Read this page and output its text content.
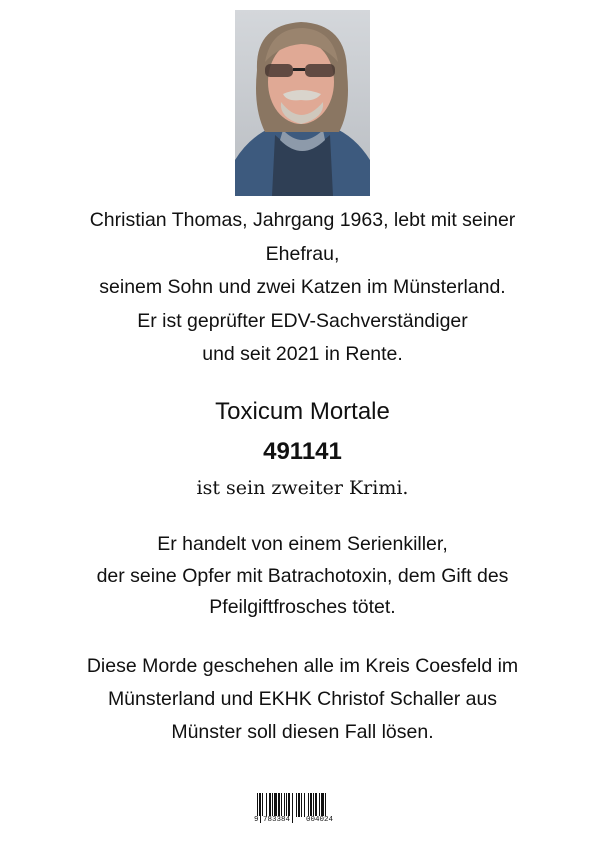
Christian Thomas, Jahrgang 1963, lebt mit seiner
Ehefrau,
seinem Sohn und zwei Katzen im Münsterland.
Er ist geprüfter EDV-Sachverständiger
und seit 2021 in Rente.
Toxicum Mortale
491141
ist sein zweiter Krimi.
Er handelt von einem Serienkiller,
der seine Opfer mit Batrachotoxin, dem Gift des
Pfeilgiftfrosches tötet.
Diese Morde geschehen alle im Kreis Coesfeld im
Münsterland und EKHK Christof Schaller aus
Münster soll diesen Fall lösen.
9 783384 004024
